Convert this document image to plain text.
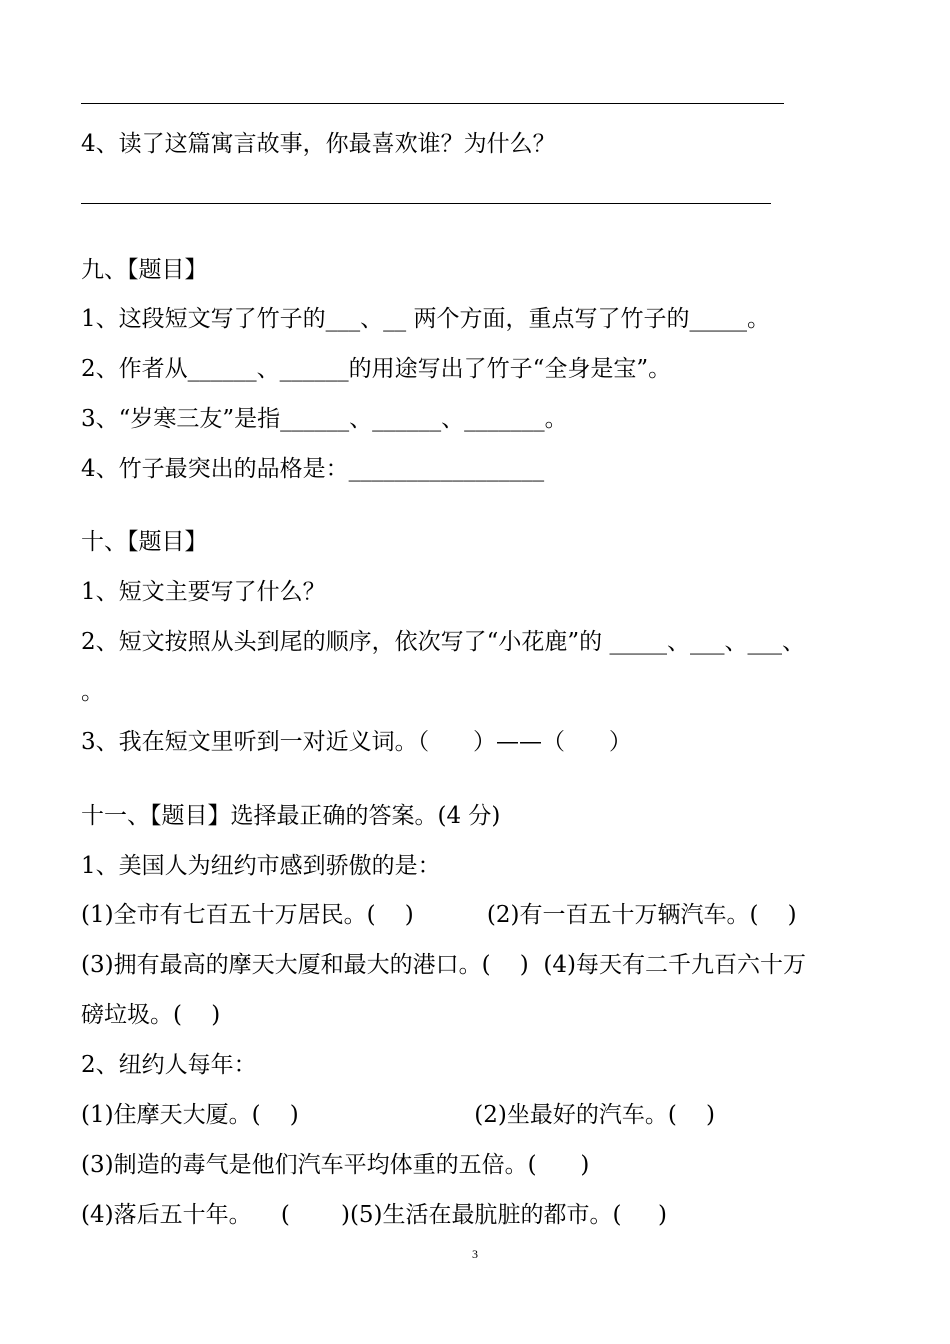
4、读了这篇寓言故事，你最喜欢谁？为什么？
九、【题目】
1、这段短文写了竹子的___、__ 两个方面，重点写了竹子的_____。
2、作者从______、______的用途写出了竹子“全身是宝”。
3、“岁寒三友”是指______、______、_______。
4、竹子最突出的品格是：_________________
十、【题目】
1、短文主要写了什么？
2、短文按照从头到尾的顺序，依次写了“小花鹿”的 _____、___、___、
。
3、我在短文里听到一对近义词。（      ）——（      ）
十一、【题目】选择最正确的答案。(4 分)
1、美国人为纽约市感到骄傲的是：
(1)全市有七百五十万居民。(    )          (2)有一百五十万辆汽车。(    )
(3)拥有最高的摩天大厦和最大的港口。(    )  (4)每天有二千九百六十万
磅垃圾。(    )
2、纽约人每年：
(1)住摩天大厦。(    )                        (2)坐最好的汽车。(    )
(3)制造的毒气是他们汽车平均体重的五倍。(      )
(4)落后五十年。    (       )(5)生活在最肮脏的都市。(     )
3
